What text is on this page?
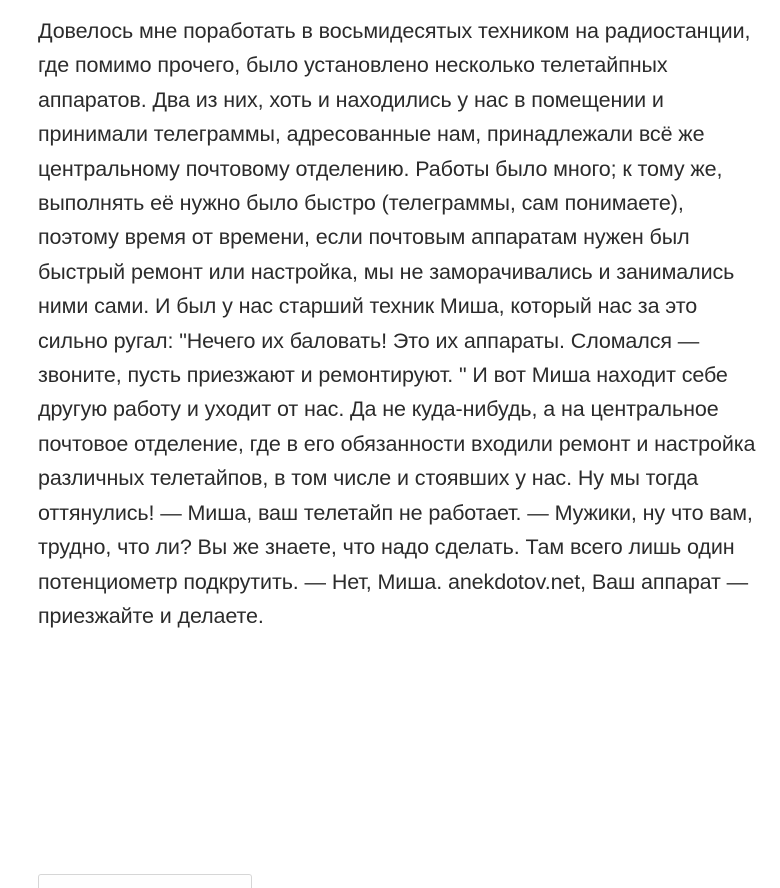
Довелось мне поработать в восьмидесятых техником на радиостанции, где помимо прочего, было установлено несколько телетайпных аппаратов. Два из них, хоть и находились у нас в помещении и принимали телеграммы, адресованные нам, принадлежали всё же центральному почтовому отделению. Работы было много; к тому же, выполнять её нужно было быстро (телеграммы, сам понимаете), поэтому время от времени, если почтовым аппаратам нужен был быстрый ремонт или настройка, мы не заморачивались и занимались ними сами. И был у нас старший техник Миша, который нас за это сильно ругал: "Нечего их баловать! Это их аппараты. Сломался — звоните, пусть приезжают и ремонтируют. " И вот Миша находит себе другую работу и уходит от нас. Да не куда-нибудь, а на центральное почтовое отделение, где в его обязанности входили ремонт и настройка различных телетайпов, в том числе и стоявших у нас. Ну мы тогда оттянулись! — Миша, ваш телетайп не работает. — Мужики, ну что вам, трудно, что ли? Вы же знаете, что надо сделать. Там всего лишь один потенциометр подкрутить. — Нет, Миша. anekdotov.net, Ваш аппарат — приезжайте и делаете.
